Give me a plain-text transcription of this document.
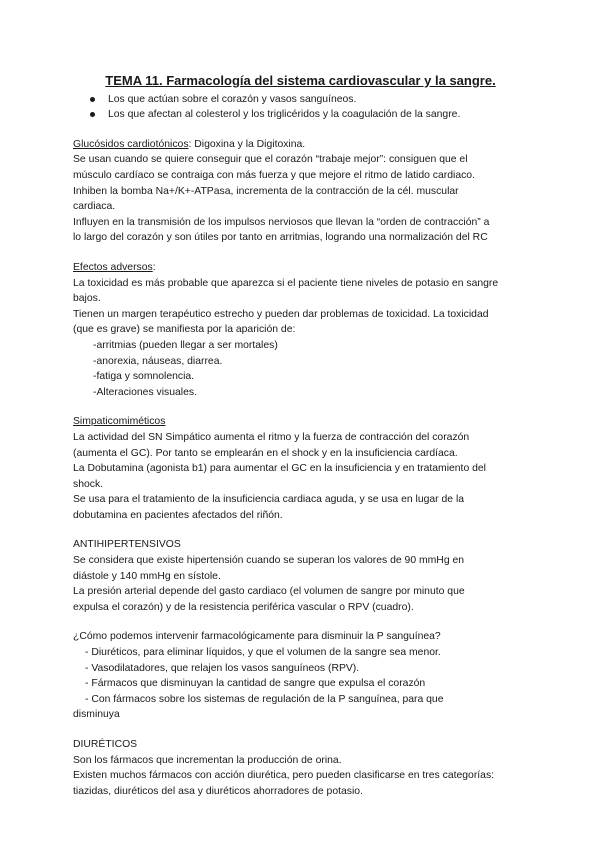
TEMA 11. Farmacología del sistema cardiovascular y la sangre.
Los que actúan sobre el corazón y vasos sanguíneos.
Los que afectan al colesterol y los triglicéridos y la coagulación de la sangre.

Glucósidos cardiotónicos: Digoxina y la Digitoxina.

Se usan cuando se quiere conseguir que el corazón “trabaje mejor”: consiguen que el

músculo cardíaco se contraiga con más fuerza y que mejore el ritmo de latido cardiaco.

Inhiben la bomba Na+/K+-ATPasa, incrementa de la contracción de la cél. muscular

cardiaca.

Influyen en la transmisión de los impulsos nerviosos que llevan la “orden de contracción” a

lo largo del corazón y son útiles por tanto en arritmias, logrando una normalización del RC

Efectos adversos:

La toxicidad es más probable que aparezca si el paciente tiene niveles de potasio en sangre

bajos.

Tienen un margen terapéutico estrecho y pueden dar problemas de toxicidad. La toxicidad

(que es grave) se manifiesta por la aparición de:

-arritmias (pueden llegar a ser mortales)

-anorexia, náuseas, diarrea.

-fatiga y somnolencia.

-Alteraciones visuales.

Simpaticomiméticos

La actividad del SN Simpático aumenta el ritmo y la fuerza de contracción del corazón

(aumenta el GC). Por tanto se emplearán en el shock y en la insuficiencia cardíaca.

La Dobutamina (agonista b1) para aumentar el GC en la insuficiencia y en tratamiento del

shock.

Se usa para el tratamiento de la insuficiencia cardiaca aguda, y se usa en lugar de la

dobutamina en pacientes afectados del riñón.

ANTIHIPERTENSIVOS

Se considera que existe hipertensión cuando se superan los valores de 90 mmHg en

diástole y 140 mmHg en sístole.

La presión arterial depende del gasto cardiaco (el volumen de sangre por minuto que

expulsa el corazón) y de la resistencia periférica vascular o RPV (cuadro).

¿Cómo podemos intervenir farmacológicamente para disminuir la P sanguínea?

- Diuréticos, para eliminar líquidos, y que el volumen de la sangre sea menor.

- Vasodilatadores, que relajen los vasos sanguíneos (RPV).

- Fármacos que disminuyan la cantidad de sangre que expulsa el corazón

- Con fármacos sobre los sistemas de regulación de la P sanguínea, para que

disminuya

DIURÉTICOS

Son los fármacos que incrementan la producción de orina.

Existen muchos fármacos con acción diurética, pero pueden clasificarse en tres categorías:

tiazidas, diuréticos del asa y diuréticos ahorradores de potasio.
